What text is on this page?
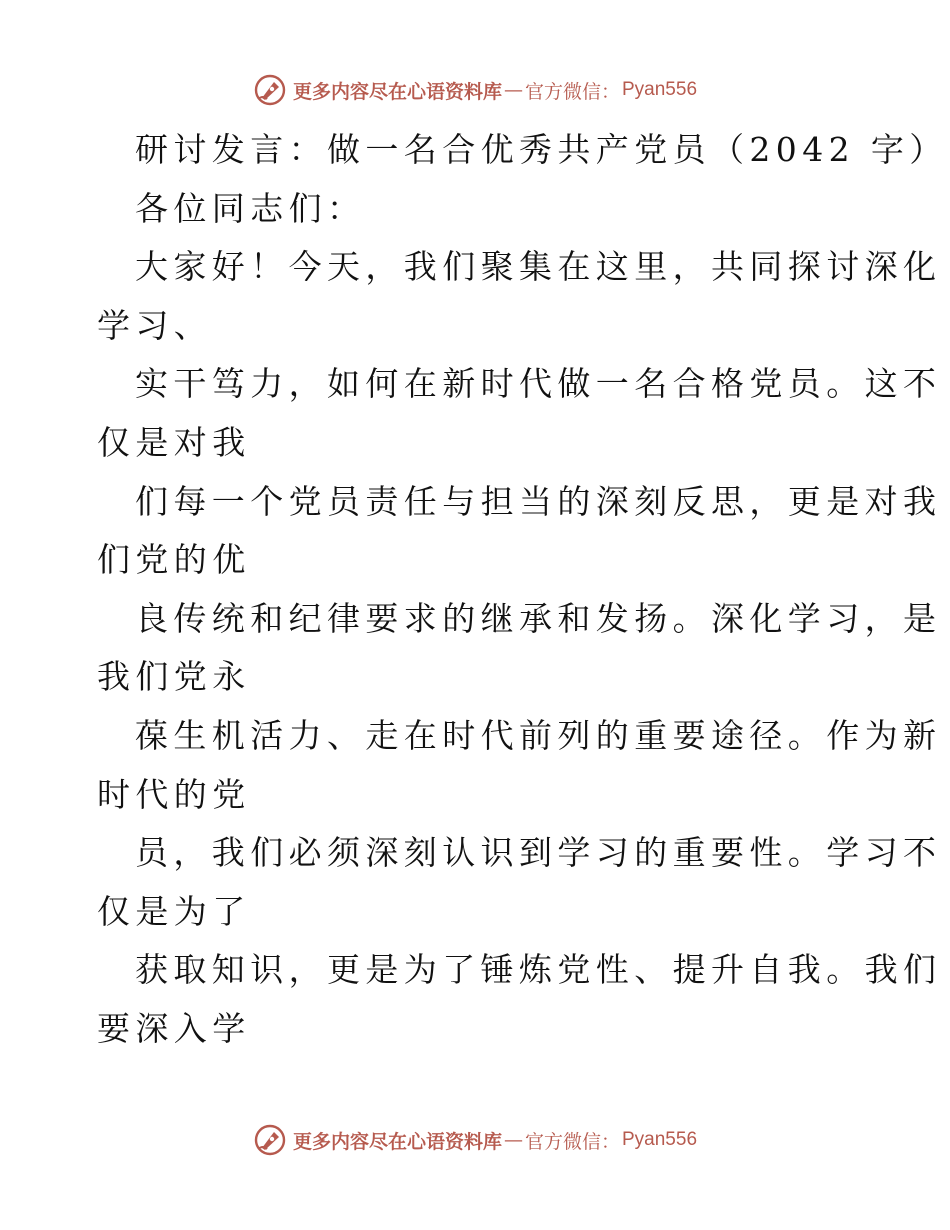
更多内容尽在心语资料库 — 官方微信： Pyan556
研讨发言：做一名合优秀共产党员（2042 字）
各位同志们：
大家好！今天，我们聚集在这里，共同探讨深化
学习、
实干笃力，如何在新时代做一名合格党员。这不
仅是对我
们每一个党员责任与担当的深刻反思，更是对我
们党的优
良传统和纪律要求的继承和发扬。深化学习，是
我们党永
葆生机活力、走在时代前列的重要途径。作为新
时代的党
员，我们必须深刻认识到学习的重要性。学习不
仅是为了
获取知识，更是为了锤炼党性、提升自我。我们
要深入学
更多内容尽在心语资料库 — 官方微信： Pyan556
